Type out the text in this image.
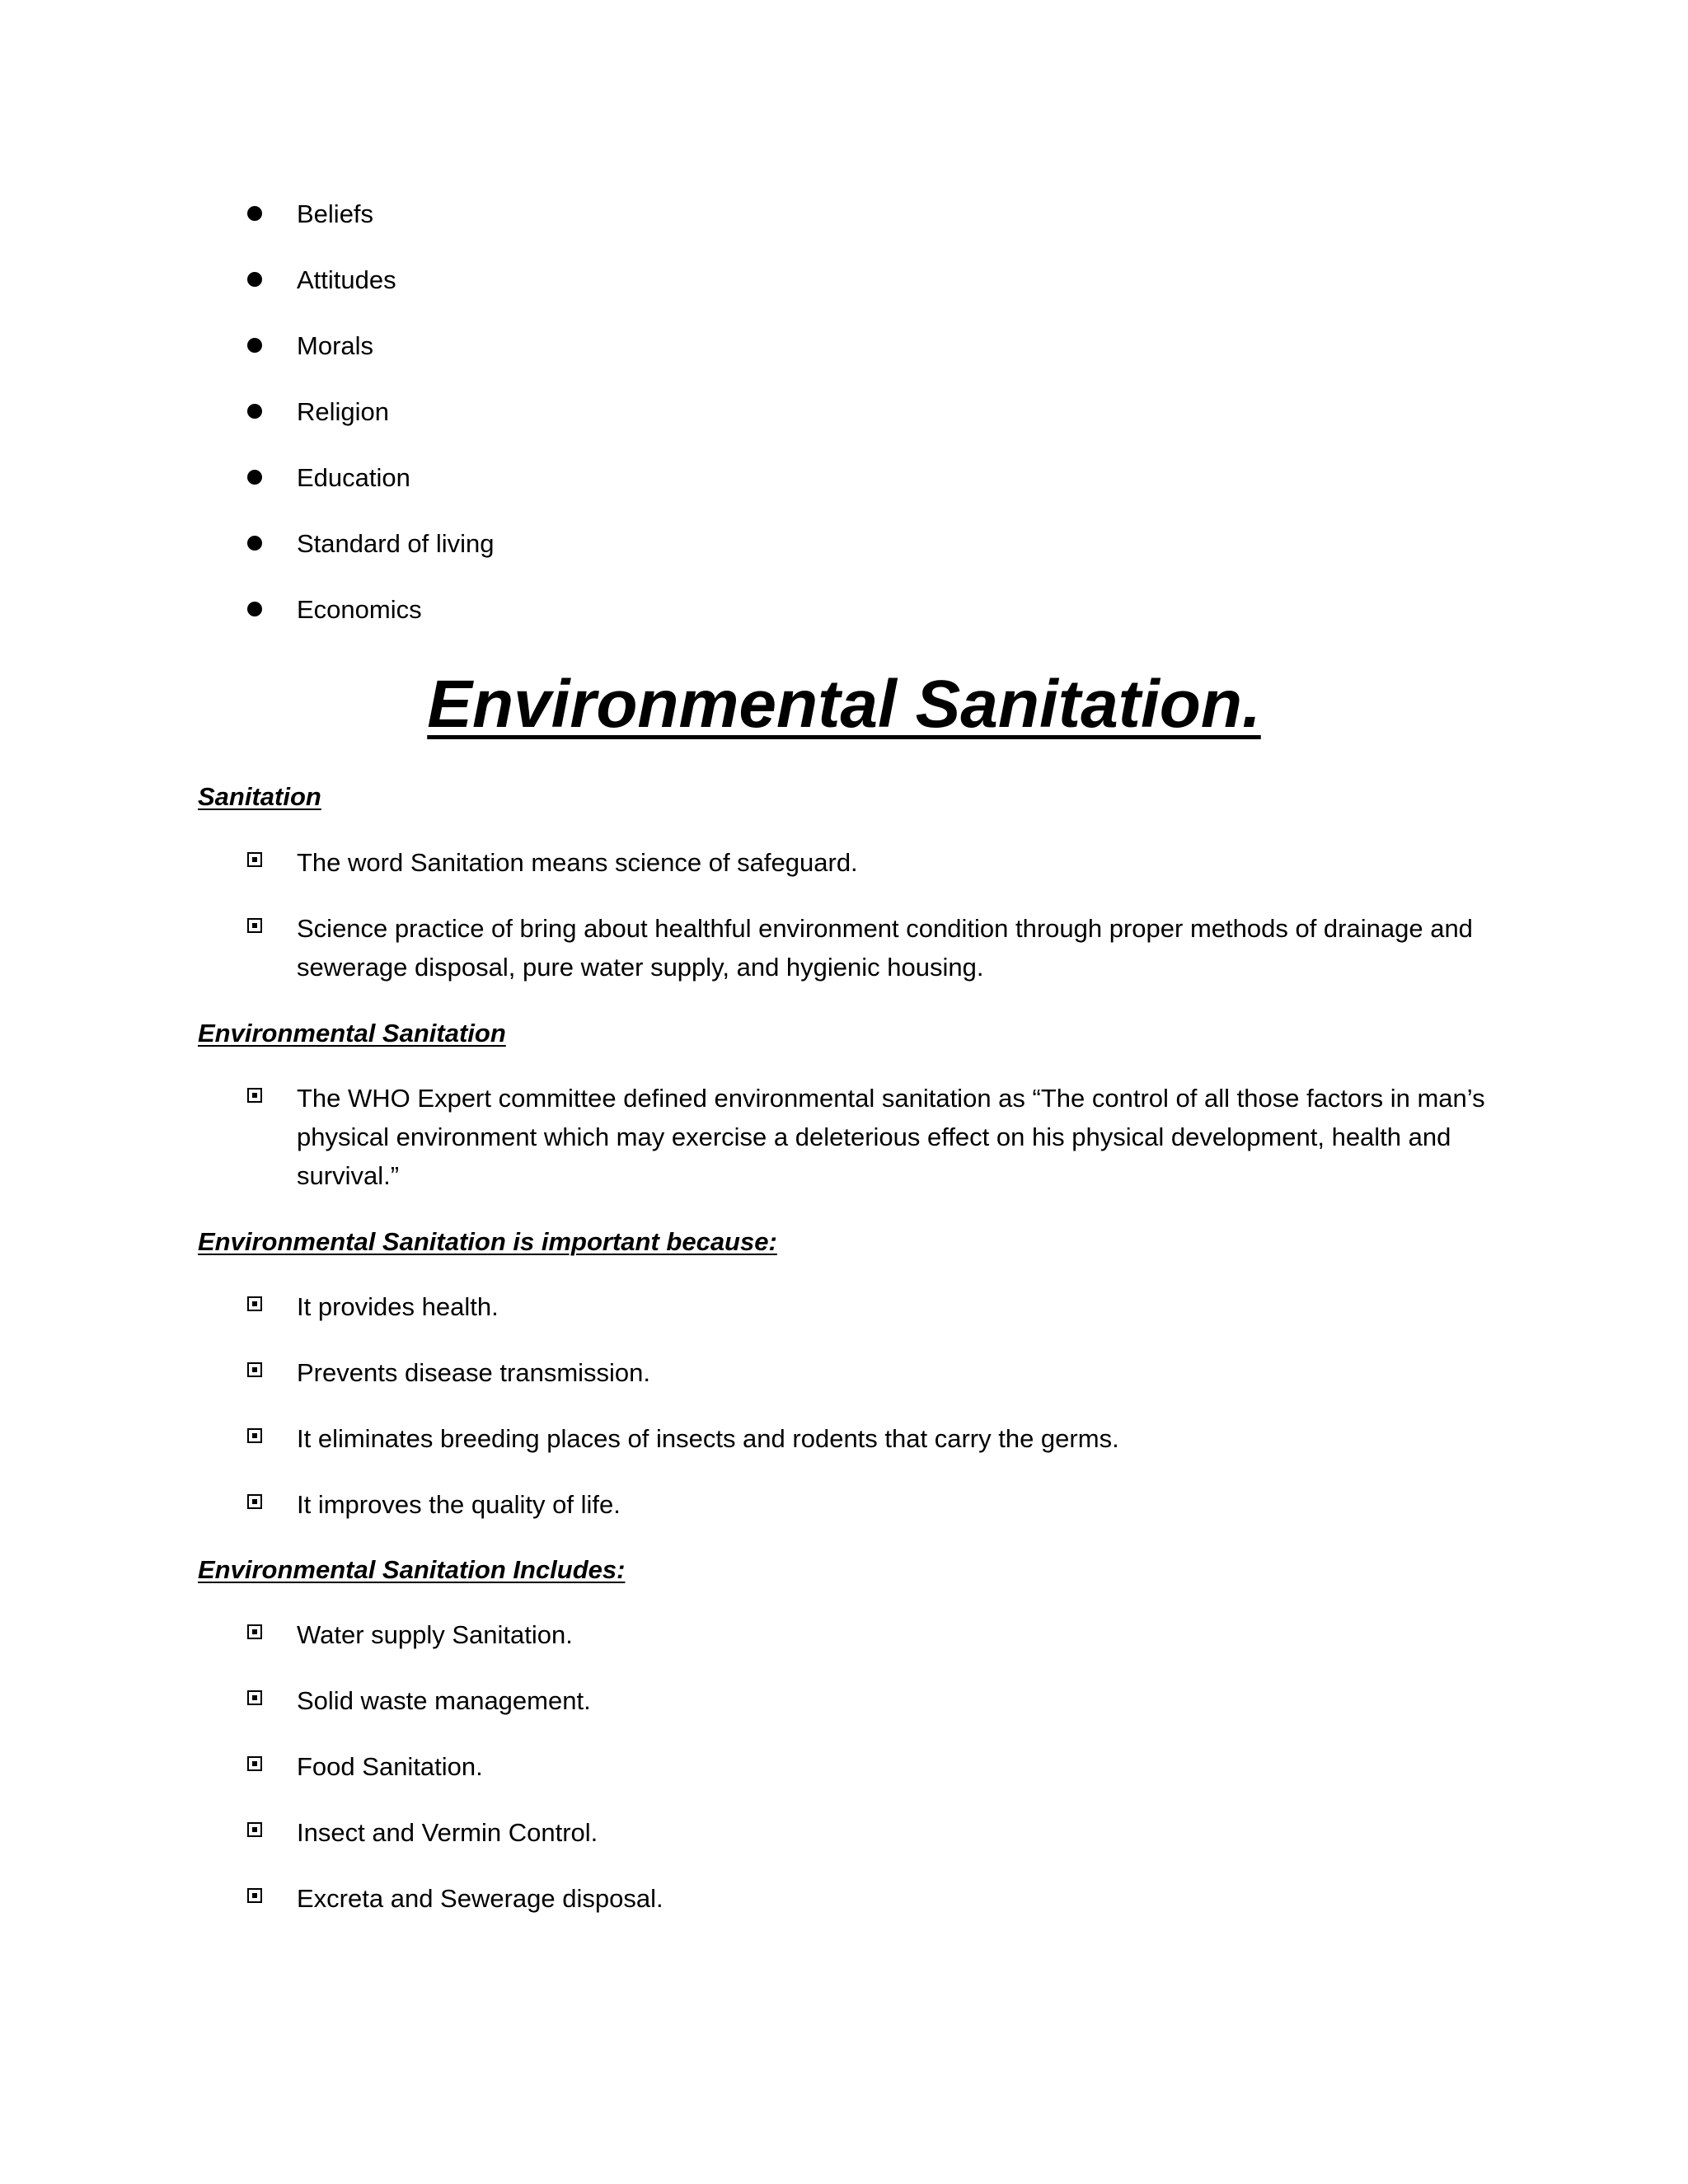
Beliefs
Attitudes
Morals
Religion
Education
Standard of living
Economics
Environmental Sanitation.
Sanitation
The word Sanitation means science of safeguard.
Science practice of bring about healthful environment condition through proper methods of drainage and sewerage disposal, pure water supply, and hygienic housing.
Environmental Sanitation
The WHO Expert committee defined environmental sanitation as “The control of all those factors in man’s physical environment which may exercise a deleterious effect on his physical development, health and survival.”
Environmental Sanitation is important because:
It provides health.
Prevents disease transmission.
It eliminates breeding places of insects and rodents that carry the germs.
It improves the quality of life.
Environmental Sanitation Includes:
Water supply Sanitation.
Solid waste management.
Food Sanitation.
Insect and Vermin Control.
Excreta and Sewerage disposal.
